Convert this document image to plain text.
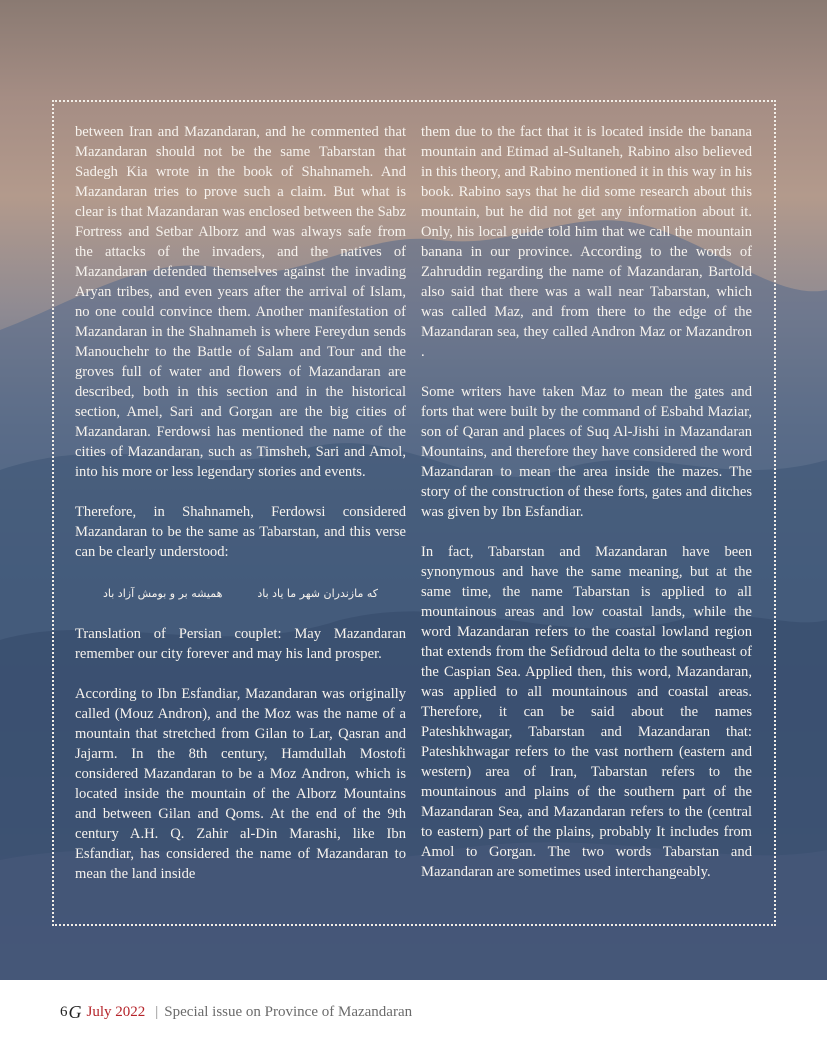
between Iran and Mazandaran, and he commented that Mazandaran should not be the same Tabarstan that Sadegh Kia wrote in the book of Shahnameh. And Mazandaran tries to prove such a claim. But what is clear is that Mazandaran was enclosed between the Sabz Fortress and Setbar Alborz and was always safe from the attacks of the invaders, and the natives of Mazandaran defended themselves against the invading Aryan tribes, and even years after the arrival of Islam, no one could convince them. Another manifestation of Mazandaran in the Shahnameh is where Fereydun sends Manouchehr to the Battle of Salam and Tour and the groves full of water and flowers of Mazandaran are described, both in this section and in the historical section, Amel, Sari and Gorgan are the big cities of Mazandaran. Ferdowsi has mentioned the name of the cities of Mazandaran, such as Timsheh, Sari and Amol, into his more or less legendary stories and events.

Therefore, in Shahnameh, Ferdowsi considered Mazandaran to be the same as Tabarstan, and this verse can be clearly understood:

که مازندران شهر ما یاد باد
همیشه بر و بومش آزاد باد

Translation of Persian couplet: May Mazandaran remember our city forever and may his land prosper.

According to Ibn Esfandiar, Mazandaran was originally called (Mouz Andron), and the Moz was the name of a mountain that stretched from Gilan to Lar, Qasran and Jajarm. In the 8th century, Hamdullah Mostofi considered Mazandaran to be a Moz Andron, which is located inside the mountain of the Alborz Mountains and between Gilan and Qoms. At the end of the 9th century A.H. Q. Zahir al-Din Marashi, like Ibn Esfandiar, has considered the name of Mazandaran to mean the land inside

them due to the fact that it is located inside the banana mountain and Etimad al-Sultaneh, Rabino also believed in this theory, and Rabino mentioned it in this way in his book. Rabino says that he did some research about this mountain, but he did not get any information about it. Only, his local guide told him that we call the mountain banana in our province. According to the words of Zahruddin regarding the name of Mazandaran, Bartold also said that there was a wall near Tabarstan, which was called Maz, and from there to the edge of the Mazandaran sea, they called Andron Maz or Mazandron .

Some writers have taken Maz to mean the gates and forts that were built by the command of Esbahd Maziar, son of Qaran and places of Suq Al-Jishi in Mazandaran Mountains, and therefore they have considered the word Mazandaran to mean the area inside the mazes. The story of the construction of these forts, gates and ditches was given by Ibn Esfandiar.

In fact, Tabarstan and Mazandaran have been synonymous and have the same meaning, but at the same time, the name Tabarstan is applied to all mountainous areas and low coastal lands, while the word Mazandaran refers to the coastal lowland region that extends from the Sefidroud delta to the southeast of the Caspian Sea. Applied then, this word, Mazandaran, was applied to all mountainous and coastal areas. Therefore, it can be said about the names Pateshkhwagar, Tabarstan and Mazandaran that: Pateshkhwagar refers to the vast northern (eastern and western) area of Iran, Tabarstan refers to the mountainous and plains of the southern part of the Mazandaran Sea, and Mazandaran refers to the (central to eastern) part of the plains, probably It includes from Amol to Gorgan. The two words Tabarstan and Mazandaran are sometimes used interchangeably.

6 G July 2022 | Special issue on Province of Mazandaran
